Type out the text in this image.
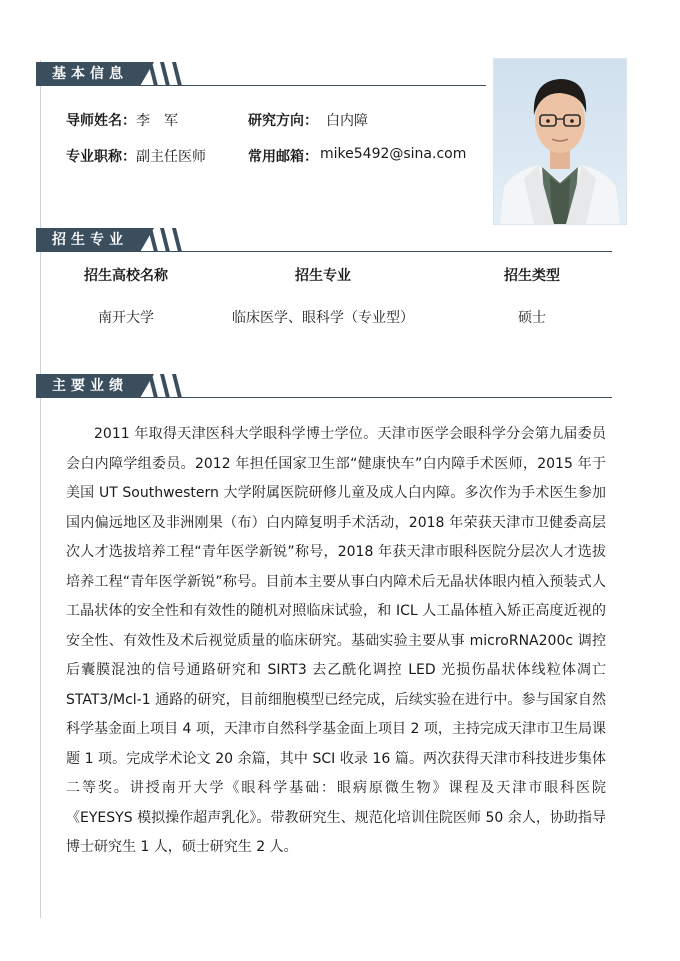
基本信息
导师姓名： 李　军	研究方向： 白内障
专业职称： 副主任医师	常用邮箱： mike5492@sina.com
招生专业
招生高校名称	招生专业	招生类型
南开大学	临床医学、眼科学（专业型）	硕士
主要业绩

2011 年取得天津医科大学眼科学博士学位。天津市医学会眼科学分会第九届委员会白内障学组委员。2012 年担任国家卫生部“健康快车”白内障手术医师，2015 年于美国 UT Southwestern 大学附属医院研修儿童及成人白内障。多次作为手术医生参加国内偏远地区及非洲刚果（布）白内障复明手术活动，2018 年荣获天津市卫健委高层次人才选拔培养工程“青年医学新锐”称号，2018 年获天津市眼科医院分层次人才选拔培养工程“青年医学新锐”称号。目前本主要从事白内障术后无晶状体眼内植入预装式人工晶状体的安全性和有效性的随机对照临床试验，和 ICL 人工晶体植入矫正高度近视的安全性、有效性及术后视觉质量的临床研究。基础实验主要从事 microRNA200c 调控后囊膜混浊的信号通路研究和 SIRT3 去乙酰化调控 LED 光损伤晶状体线粒体凋亡 STAT3/Mcl-1 通路的研究，目前细胞模型已经完成，后续实验在进行中。参与国家自然科学基金面上项目 4 项，天津市自然科学基金面上项目 2 项，主持完成天津市卫生局课题 1 项。完成学术论文 20 余篇，其中 SCI 收录 16 篇。两次获得天津市科技进步集体二等奖。讲授南开大学《眼科学基础：眼病原微生物》课程及天津市眼科医院《EYESYS 模拟操作超声乳化》。带教研究生、规范化培训住院医师 50 余人，协助指导博士研究生 1 人，硕士研究生 2 人。
